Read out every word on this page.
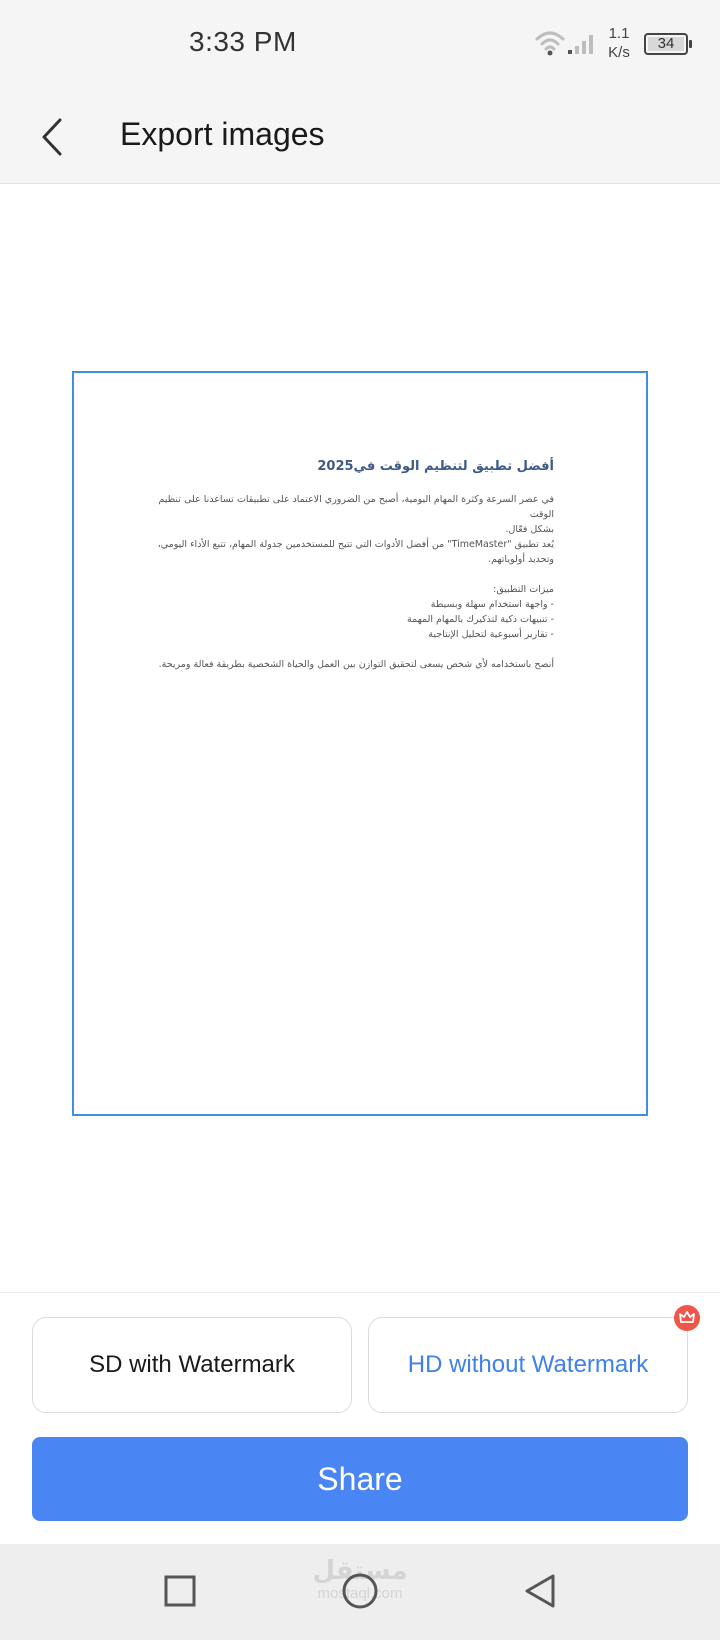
3:33 PM	1.1
K/s
34
Export images
أفضل تطبيق لتنظيم الوقت في2025
في عصر السرعة وكثرة المهام اليومية، أصبح من الضروري الاعتماد على تطبيقات تساعدنا على تنظيم الوقت
بشكل فعّال.
يُعد تطبيق "TimeMaster" من أفضل الأدوات التي تتيح للمستخدمين جدولة المهام، تتبع الأداء اليومي،
وتحديد أولوياتهم.
ميزات التطبيق:
- واجهة استخدام سهلة وبسيطة
- تنبيهات ذكية لتذكيرك بالمهام المهمة
- تقارير أسبوعية لتحليل الإنتاجية
أنصح باستخدامه لأي شخص يسعى لتحقيق التوازن بين العمل والحياة الشخصية بطريقة فعالة ومريحة.
SD with Watermark	HD without Watermark
Share
مستقل
mostaql.com
